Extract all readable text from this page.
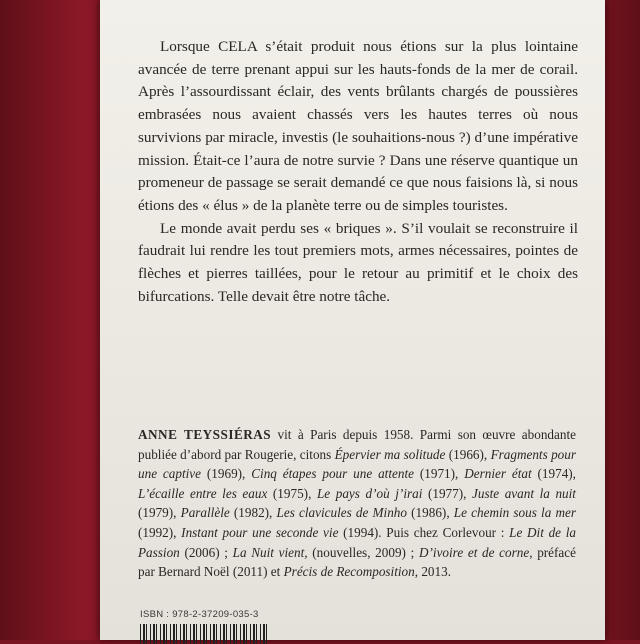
Lorsque CELA s’était produit nous étions sur la plus lointaine avancée de terre prenant appui sur les hauts-fonds de la mer de corail. Après l’assourdissant éclair, des vents brûlants chargés de poussières embrasées nous avaient chassés vers les hautes terres où nous survivions par miracle, investis (le souhaitions-nous ?) d’une impérative mission. Était-ce l’aura de notre survie ? Dans une réserve quantique un promeneur de passage se serait demandé ce que nous faisions là, si nous étions des « élus » de la planète terre ou de simples touristes.

Le monde avait perdu ses « briques ». S’il voulait se reconstruire il faudrait lui rendre les tout premiers mots, armes nécessaires, pointes de flèches et pierres taillées, pour le retour au primitif et le choix des bifurcations. Telle devait être notre tâche.

ANNE TEYSSIÉRAS vit à Paris depuis 1958. Parmi son œuvre abondante publiée d’abord par Rougerie, citons Épervier ma solitude (1966), Fragments pour une captive (1969), Cinq étapes pour une attente (1971), Dernier état (1974), L’écaille entre les eaux (1975), Le pays d’où j’irai (1977), Juste avant la nuit (1979), Parallèle (1982), Les clavicules de Minho (1986), Le chemin sous la mer (1992), Instant pour une seconde vie (1994). Puis chez Corlevour : Le Dit de la Passion (2006) ; La Nuit vient, (nouvelles, 2009) ; D’ivoire et de corne, préfacé par Bernard Noël (2011) et Précis de Recomposition, 2013.
ISBN : 978-2-37209-035-3
